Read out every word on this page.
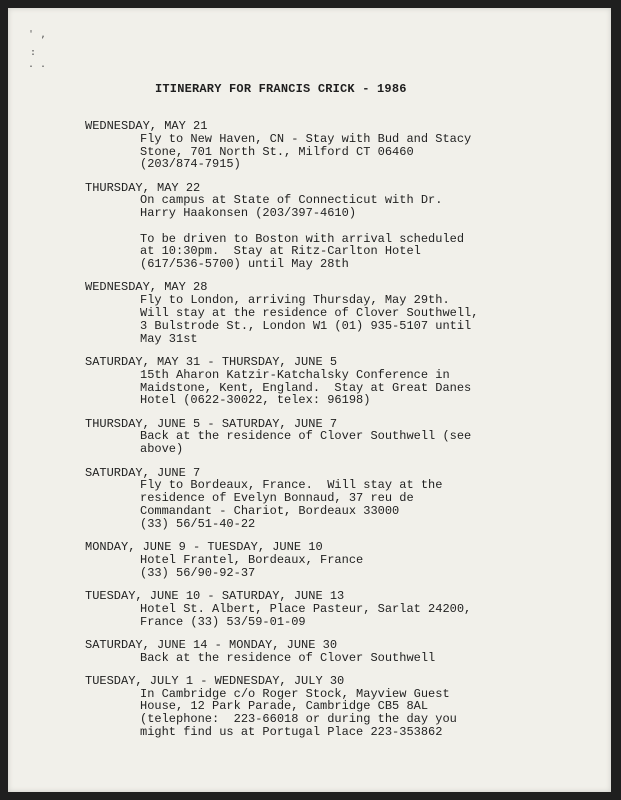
' ,
:
. .
ITINERARY FOR FRANCIS CRICK - 1986
WEDNESDAY, MAY 21
Fly to New Haven, CN - Stay with Bud and Stacy
Stone, 701 North St., Milford CT 06460
(203/874-7915)
THURSDAY, MAY 22
On campus at State of Connecticut with Dr.
Harry Haakonsen (203/397-4610)
To be driven to Boston with arrival scheduled
at 10:30pm.  Stay at Ritz-Carlton Hotel
(617/536-5700) until May 28th
WEDNESDAY, MAY 28
Fly to London, arriving Thursday, May 29th.
Will stay at the residence of Clover Southwell,
3 Bulstrode St., London W1 (01) 935-5107 until
May 31st
SATURDAY, MAY 31 - THURSDAY, JUNE 5
15th Aharon Katzir-Katchalsky Conference in
Maidstone, Kent, England.  Stay at Great Danes
Hotel (0622-30022, telex: 96198)
THURSDAY, JUNE 5 - SATURDAY, JUNE 7
Back at the residence of Clover Southwell (see
above)
SATURDAY, JUNE 7
Fly to Bordeaux, France.  Will stay at the
residence of Evelyn Bonnaud, 37 reu de
Commandant - Chariot, Bordeaux 33000
(33) 56/51-40-22
MONDAY, JUNE 9 - TUESDAY, JUNE 10
Hotel Frantel, Bordeaux, France
(33) 56/90-92-37
TUESDAY, JUNE 10 - SATURDAY, JUNE 13
Hotel St. Albert, Place Pasteur, Sarlat 24200,
France (33) 53/59-01-09
SATURDAY, JUNE 14 - MONDAY, JUNE 30
Back at the residence of Clover Southwell
TUESDAY, JULY 1 - WEDNESDAY, JULY 30
In Cambridge c/o Roger Stock, Mayview Guest
House, 12 Park Parade, Cambridge CB5 8AL
(telephone:  223-66018 or during the day you
might find us at Portugal Place 223-353862
